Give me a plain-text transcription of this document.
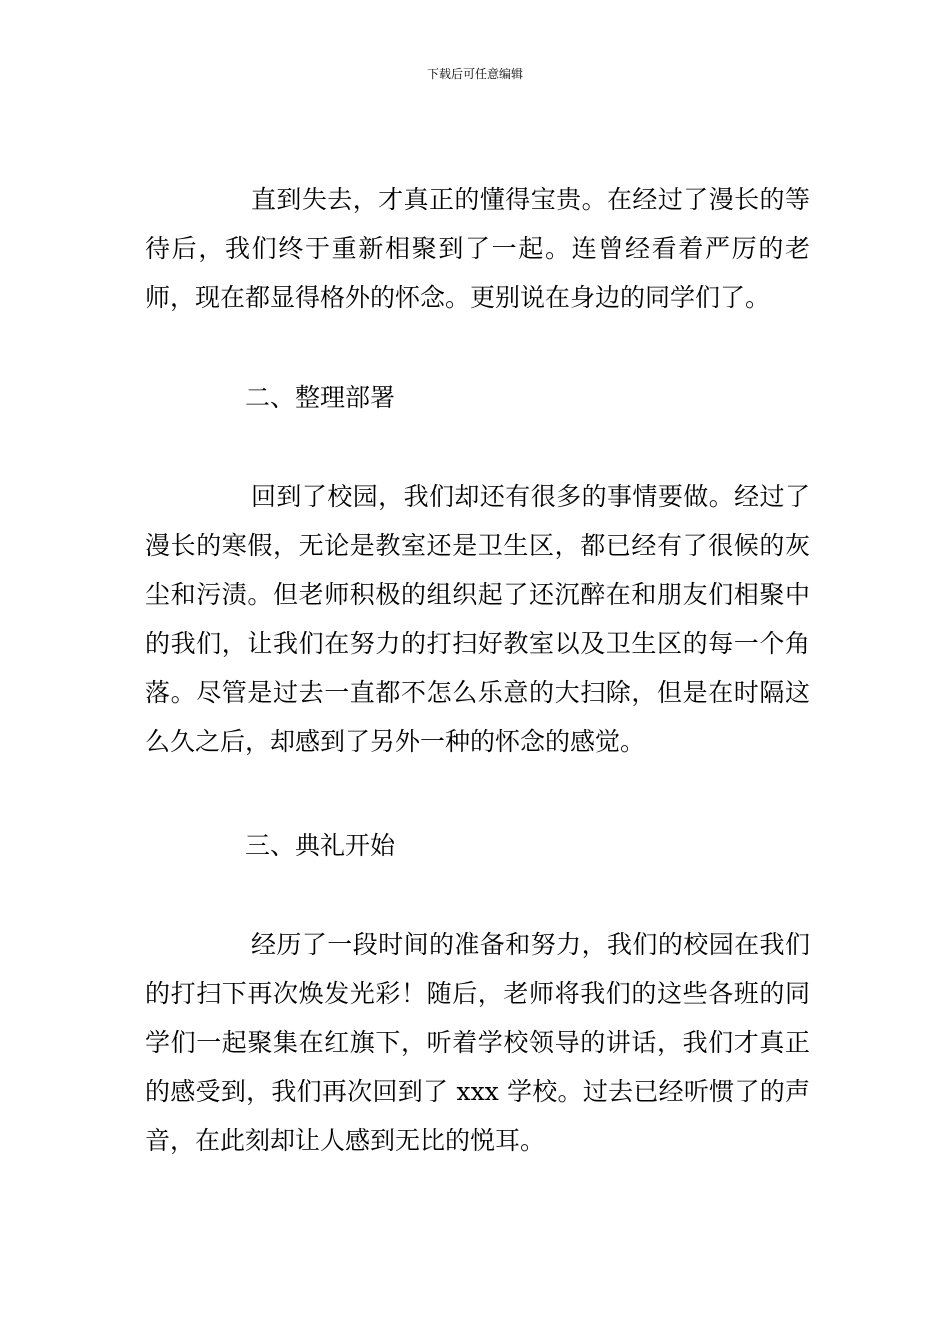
下载后可任意编辑

直到失去，才真正的懂得宝贵。在经过了漫长的等待后，我们终于重新相聚到了一起。连曾经看着严厉的老师，现在都显得格外的怀念。更别说在身边的同学们了。

二、整理部署

回到了校园，我们却还有很多的事情要做。经过了漫长的寒假，无论是教室还是卫生区，都已经有了很候的灰尘和污渍。但老师积极的组织起了还沉醉在和朋友们相聚中的我们，让我们在努力的打扫好教室以及卫生区的每一个角落。尽管是过去一直都不怎么乐意的大扫除，但是在时隔这么久之后，却感到了另外一种的怀念的感觉。

三、典礼开始

经历了一段时间的准备和努力，我们的校园在我们的打扫下再次焕发光彩！随后，老师将我们的这些各班的同学们一起聚集在红旗下，听着学校领导的讲话，我们才真正的感受到，我们再次回到了 xxx 学校。过去已经听惯了的声音，在此刻却让人感到无比的悦耳。
